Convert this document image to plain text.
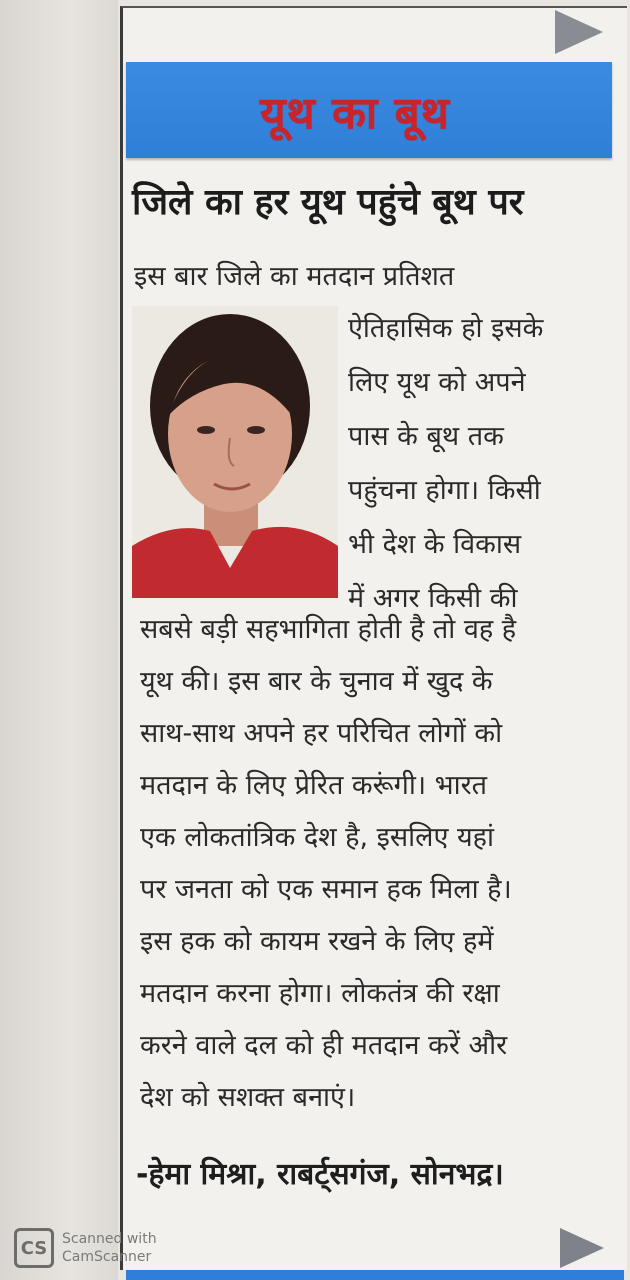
यूथ का बूथ
जिले का हर यूथ पहुंचे बूथ पर
इस बार जिले का मतदान प्रतिशत
ऐतिहासिक हो इसके
लिए यूथ को अपने
पास के बूथ तक
पहुंचना होगा। किसी
भी देश के विकास
में अगर किसी की
सबसे बड़ी सहभागिता होती है तो वह है
यूथ की। इस बार के चुनाव में खुद के
साथ-साथ अपने हर परिचित लोगों को
मतदान के लिए प्रेरित करूंगी। भारत
एक लोकतांत्रिक देश है, इसलिए यहां
पर जनता को एक समान हक मिला है।
इस हक को कायम रखने के लिए हमें
मतदान करना होगा। लोकतंत्र की रक्षा
करने वाले दल को ही मतदान करें और
देश को सशक्त बनाएं।
-हेमा मिश्रा, राबर्ट्सगंज, सोनभद्र।
CS	Scanned with
CamScanner
